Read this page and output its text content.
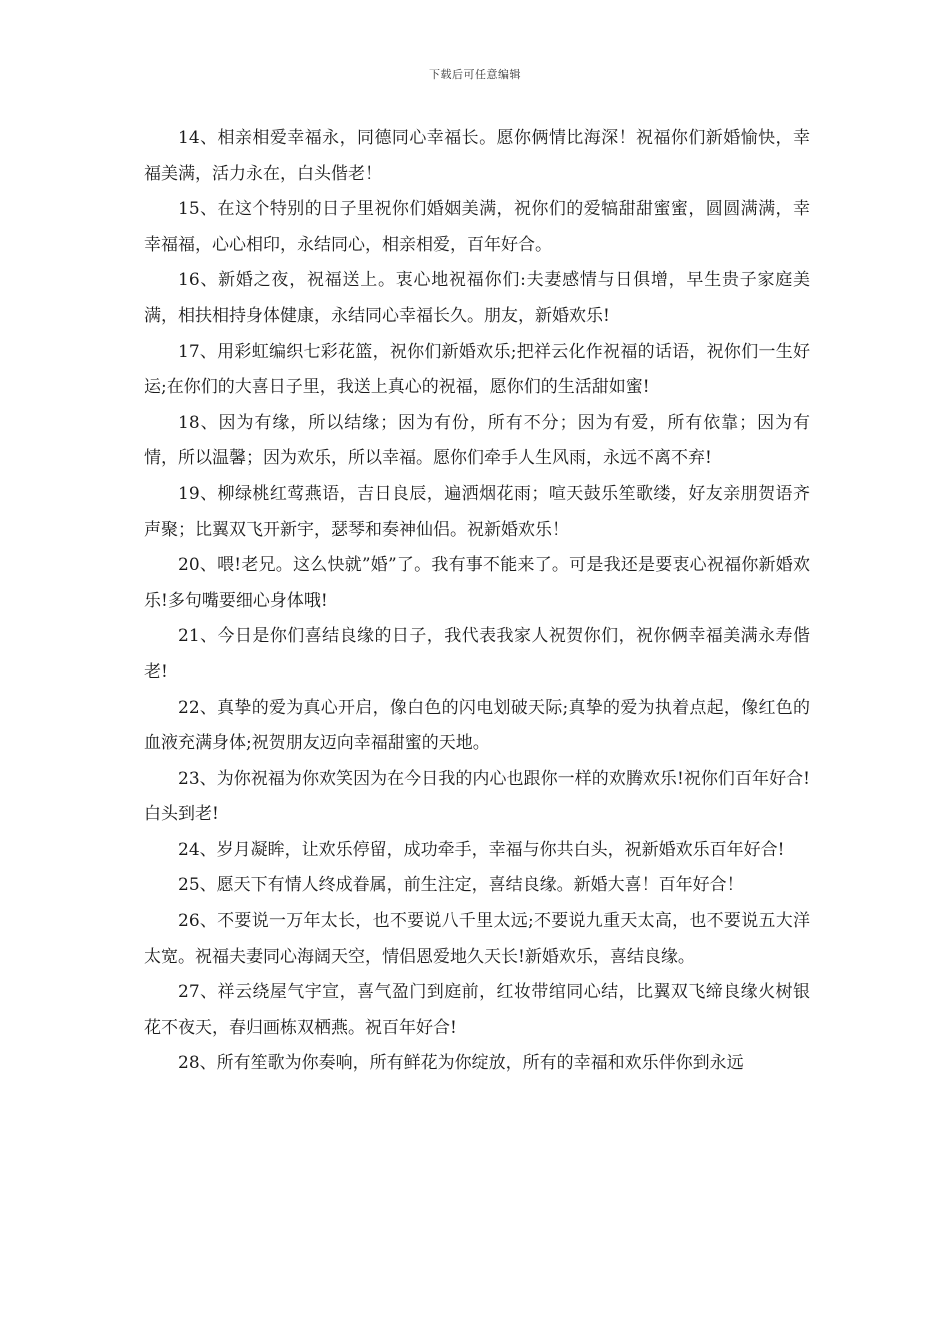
下载后可任意编辑

14、相亲相爱幸福永，同德同心幸福长。愿你俩情比海深！祝福你们新婚愉快，幸福美满，活力永在，白头偕老！

15、在这个特别的日子里祝你们婚姻美满，祝你们的爱犒甜甜蜜蜜，圆圆满满，幸幸福福，心心相印，永结同心，相亲相爱，百年好合。

16、新婚之夜，祝福送上。衷心地祝福你们:夫妻感情与日俱增，早生贵子家庭美满，相扶相持身体健康，永结同心幸福长久。朋友，新婚欢乐!

17、用彩虹编织七彩花篮，祝你们新婚欢乐;把祥云化作祝福的话语，祝你们一生好运;在你们的大喜日子里，我送上真心的祝福，愿你们的生活甜如蜜!

18、因为有缘，所以结缘；因为有份，所有不分；因为有爱，所有依靠；因为有情，所以温馨；因为欢乐，所以幸福。愿你们牵手人生风雨，永远不离不弃!

19、柳绿桃红莺燕语，吉日良辰，遍洒烟花雨；喧天鼓乐笙歌缕，好友亲朋贺语齐声聚；比翼双飞开新宇，瑟琴和奏神仙侣。祝新婚欢乐！

20、喂!老兄。这么快就”婚”了。我有事不能来了。可是我还是要衷心祝福你新婚欢乐!多句嘴要细心身体哦!

21、今日是你们喜结良缘的日子，我代表我家人祝贺你们，祝你俩幸福美满永寿偕老!

22、真挚的爱为真心开启，像白色的闪电划破天际;真挚的爱为执着点起，像红色的血液充满身体;祝贺朋友迈向幸福甜蜜的天地。

23、为你祝福为你欢笑因为在今日我的内心也跟你一样的欢腾欢乐!祝你们百年好合!白头到老!

24、岁月凝眸，让欢乐停留，成功牵手，幸福与你共白头，祝新婚欢乐百年好合!

25、愿天下有情人终成眷属，前生注定，喜结良缘。新婚大喜！百年好合！

26、不要说一万年太长，也不要说八千里太远;不要说九重天太高，也不要说五大洋太宽。祝福夫妻同心海阔天空，情侣恩爱地久天长!新婚欢乐，喜结良缘。

27、祥云绕屋气宇宣，喜气盈门到庭前，红妆带绾同心结，比翼双飞缔良缘火树银花不夜天，春归画栋双栖燕。祝百年好合!

28、所有笙歌为你奏响，所有鲜花为你绽放，所有的幸福和欢乐伴你到永远
